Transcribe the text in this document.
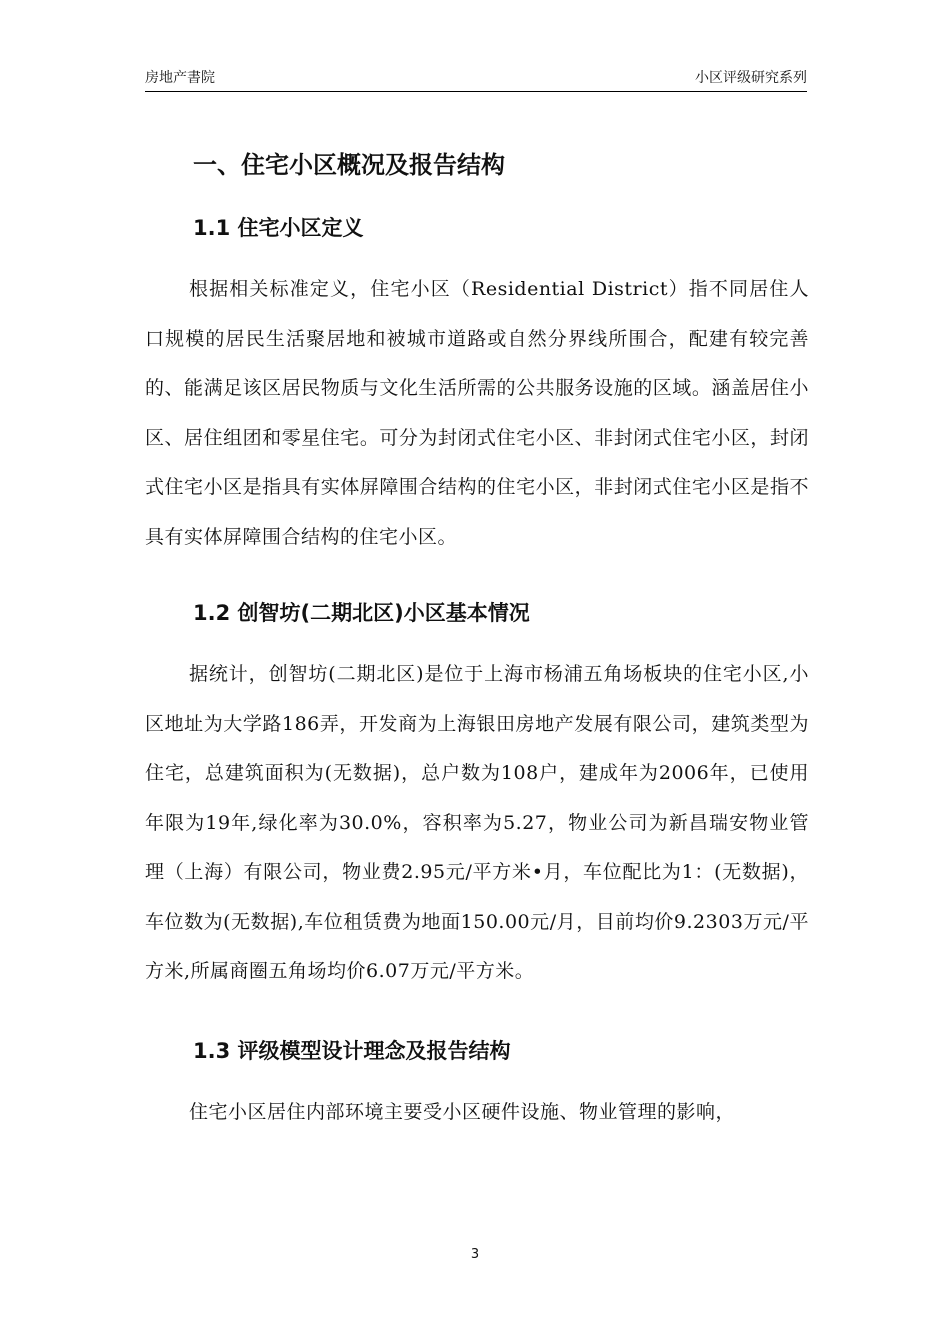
房地产書院	小区评级研究系列
一、住宅小区概况及报告结构
1.1 住宅小区定义

根据相关标准定义，住宅小区（Residential District）指不同居住人口规模的居民生活聚居地和被城市道路或自然分界线所围合，配建有较完善的、能满足该区居民物质与文化生活所需的公共服务设施的区域。涵盖居住小区、居住组团和零星住宅。可分为封闭式住宅小区、非封闭式住宅小区，封闭式住宅小区是指具有实体屏障围合结构的住宅小区，非封闭式住宅小区是指不具有实体屏障围合结构的住宅小区。

1.2 创智坊(二期北区)小区基本情况

据统计，创智坊(二期北区)是位于上海市杨浦五角场板块的住宅小区,小区地址为大学路186弄，开发商为上海银田房地产发展有限公司，建筑类型为住宅，总建筑面积为(无数据)，总户数为108户，建成年为2006年，已使用年限为19年,绿化率为30.0%，容积率为5.27，物业公司为新昌瑞安物业管理（上海）有限公司，物业费2.95元/平方米•月，车位配比为1：(无数据)，车位数为(无数据),车位租赁费为地面150.00元/月，目前均价9.2303万元/平方米,所属商圈五角场均价6.07万元/平方米。

1.3 评级模型设计理念及报告结构

住宅小区居住内部环境主要受小区硬件设施、物业管理的影响，

3
